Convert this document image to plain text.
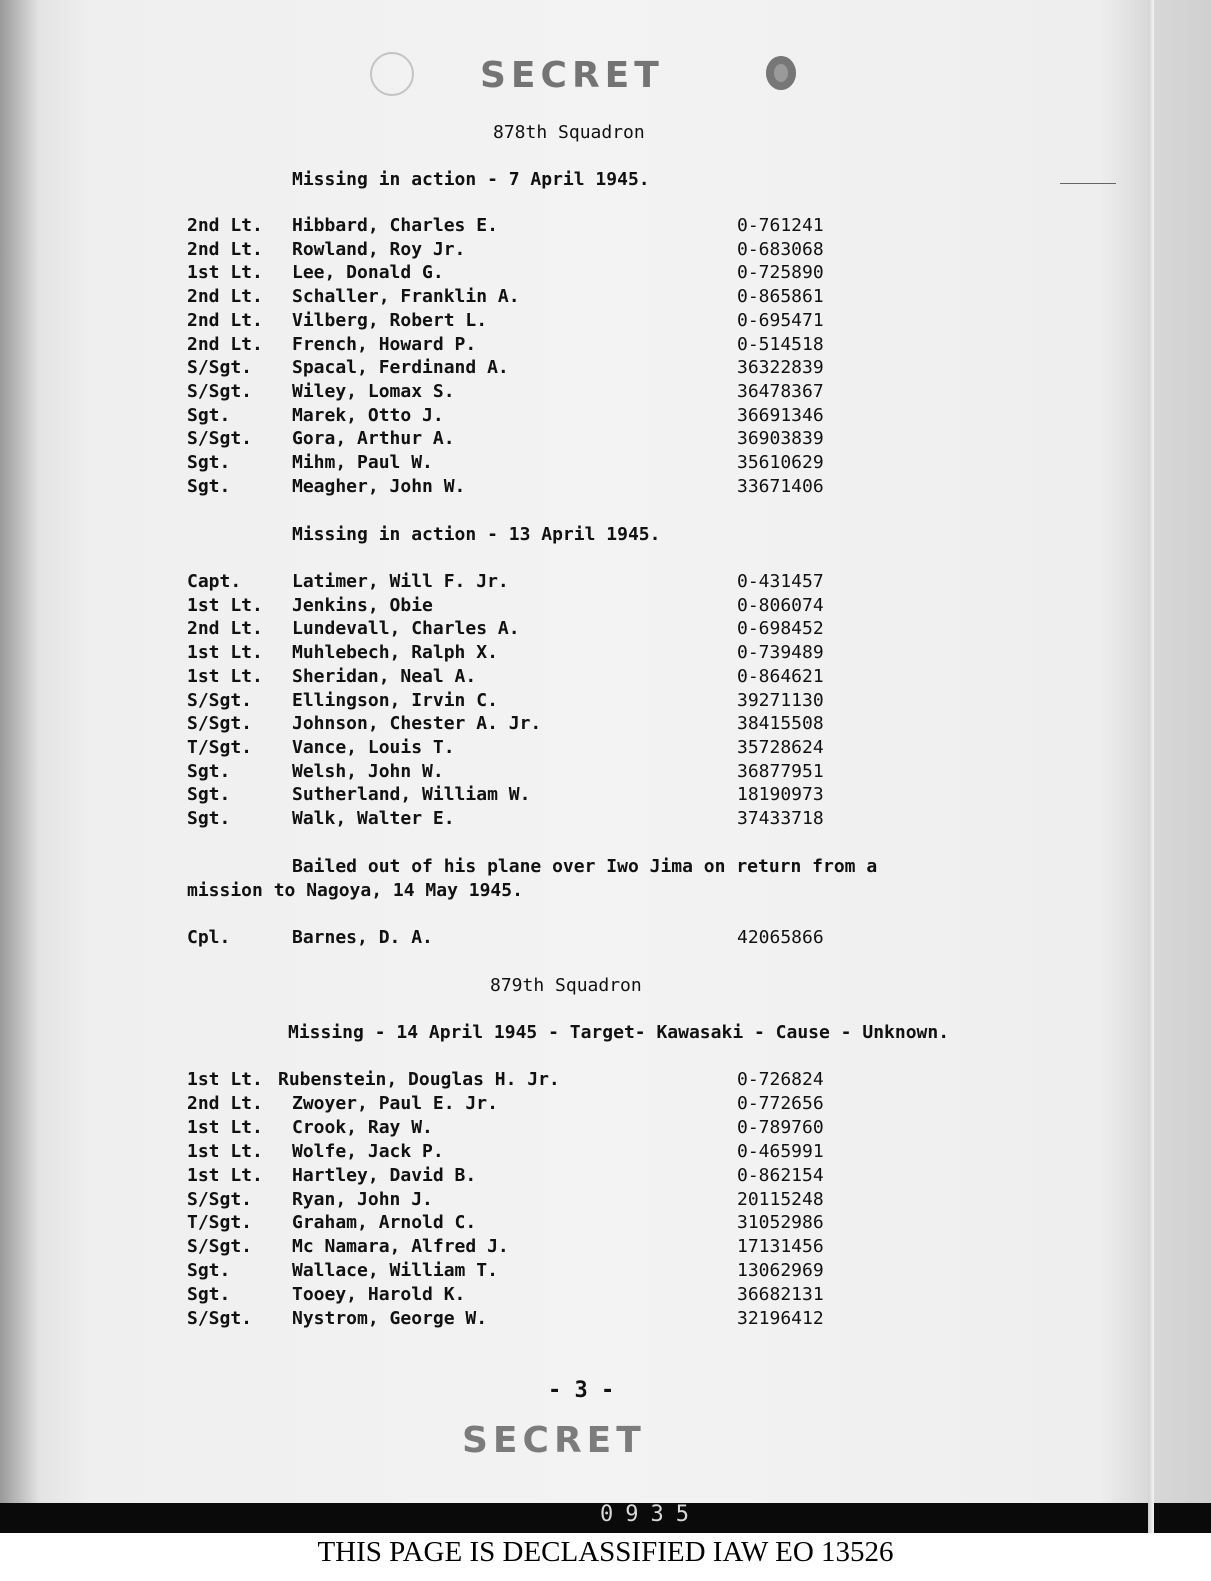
SECRET
878th Squadron
Missing in action - 7 April 1945.
2nd Lt. Hibbard, Charles E.	0-761241
2nd Lt. Rowland, Roy Jr.	0-683068
1st Lt. Lee, Donald G.	0-725890
2nd Lt. Schaller, Franklin A.	0-865861
2nd Lt. Vilberg, Robert L.	0-695471
2nd Lt. French, Howard P.	0-514518
S/Sgt. Spacal, Ferdinand A.	36322839
S/Sgt. Wiley, Lomax S.	36478367
Sgt.	Marek, Otto J.	36691346
S/Sgt. Gora, Arthur A.	36903839
Sgt.	Mihm, Paul W.	35610629
Sgt.	Meagher, John W.	33671406
Missing in action - 13 April 1945.
Capt.	Latimer, Will F. Jr.	0-431457
1st Lt. Jenkins, Obie	0-806074
2nd Lt. Lundevall, Charles A.	0-698452
1st Lt. Muhlebech, Ralph X.	0-739489
1st Lt. Sheridan, Neal A.	0-864621
S/Sgt. Ellingson, Irvin C.	39271130
S/Sgt. Johnson, Chester A. Jr.	38415508
T/Sgt. Vance, Louis T.	35728624
Sgt.	Welsh, John W.	36877951
Sgt.	Sutherland, William W.	18190973
Sgt.	Walk, Walter E.	37433718
Bailed out of his plane over Iwo Jima on return from a
mission to Nagoya, 14 May 1945.
Cpl.	Barnes, D. A.	42065866
879th Squadron
Missing - 14 April 1945 - Target- Kawasaki - Cause - Unknown.
1st Lt. Rubenstein, Douglas H. Jr.	0-726824
2nd Lt. Zwoyer, Paul E. Jr.	0-772656
1st Lt. Crook, Ray W.	0-789760
1st Lt. Wolfe, Jack P.	0-465991
1st Lt. Hartley, David B.	0-862154
S/Sgt. Ryan, John J.	20115248
T/Sgt. Graham, Arnold C.	31052986
S/Sgt. Mc Namara, Alfred J.	17131456
Sgt.	Wallace, William T.	13062969
Sgt.	Tooey, Harold K.	36682131
S/Sgt. Nystrom, George W.	32196412
- 3 -
SECRET
0935
THIS PAGE IS DECLASSIFIED IAW EO 13526
